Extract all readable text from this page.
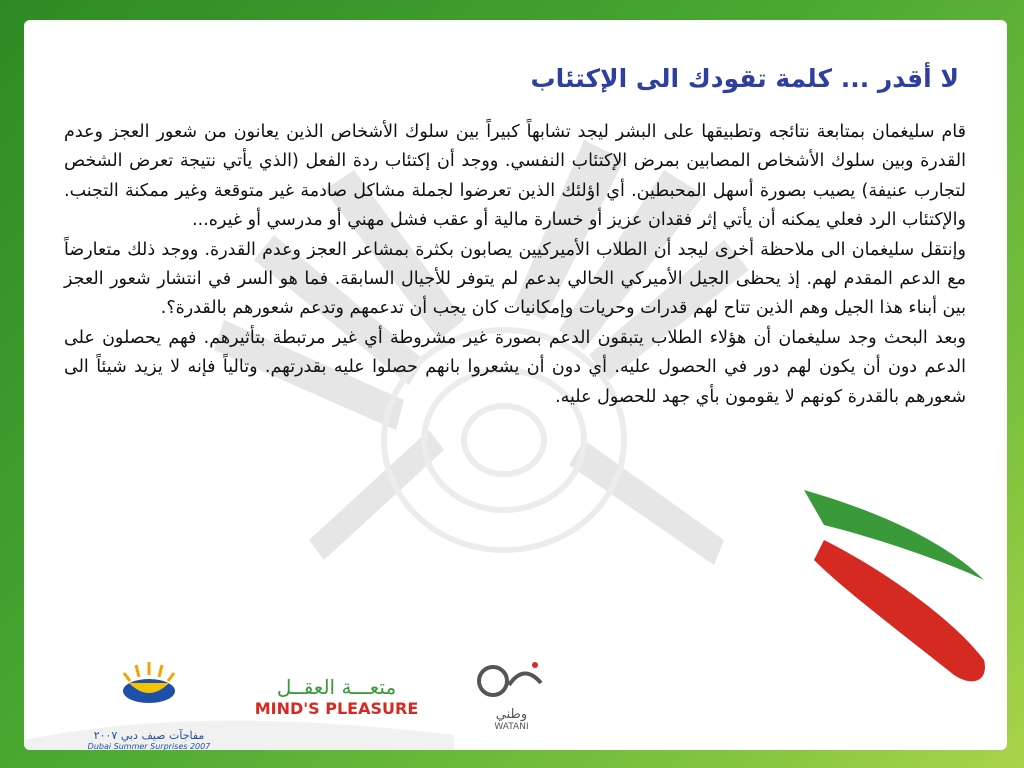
لا أقدر ... كلمة تقودك الى الإكتئاب

قام سليغمان بمتابعة نتائجه وتطبيقها على البشر ليجد تشابهاً كبيراً بين سلوك الأشخاص الذين يعانون من شعور العجز وعدم القدرة وبين سلوك الأشخاص المصابين بمرض الإكتئاب النفسي. ووجد أن إكتئاب ردة الفعل (الذي يأتي نتيجة تعرض الشخص لتجارب عنيفة) يصيب بصورة أسهل المحبطين. أي اؤلئك الذين تعرضوا لجملة مشاكل صادمة غير متوقعة وغير ممكنة التجنب. والإكتئاب الرد فعلي يمكنه أن يأتي إثر فقدان عزيز أو خسارة مالية أو عقب فشل مهني أو مدرسي أو غيره...

وإنتقل سليغمان الى ملاحظة أخرى ليجد أن الطلاب الأميركيين يصابون بكثرة بمشاعر العجز وعدم القدرة. ووجد ذلك متعارضاً مع الدعم المقدم لهم. إذ يحظى الجيل الأميركي الحالي بدعم لم يتوفر للأجيال السابقة. فما هو السر في انتشار شعور العجز بين أبناء هذا الجيل وهم الذين تتاح لهم قدرات وحريات وإمكانيات كان يجب أن تدعمهم وتدعم شعورهم بالقدرة؟.

وبعد البحث وجد سليغمان أن هؤلاء الطلاب يتبقون الدعم بصورة غير مشروطة أي غير مرتبطة بتأثيرهم. فهم يحصلون على الدعم دون أن يكون لهم دور في الحصول عليه. أي دون أن يشعروا بانهم حصلوا عليه بقدرتهم. وتالياً فإنه لا يزيد شيئاً الى شعورهم بالقدرة كونهم لا يقومون بأي جهد للحصول عليه.

مفاجآت صيف دبي ٢٠٠٧
Dubai Summer Surprises 2007
متعـــة العقــل
MIND'S PLEASURE	وطني
WATANI
